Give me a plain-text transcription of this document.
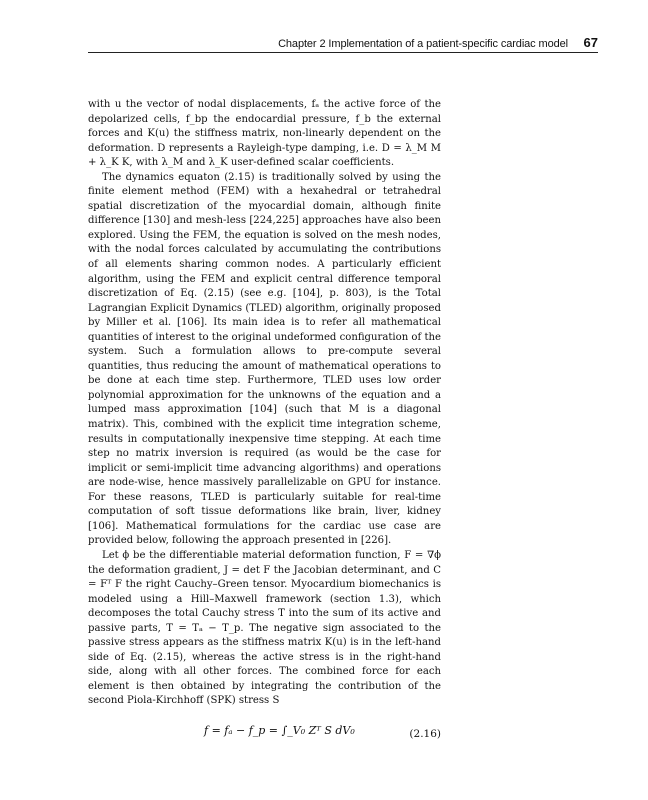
Chapter 2 Implementation of a patient-specific cardiac model 67

with u the vector of nodal displacements, fₐ the active force of the depolarized cells, f_bp the endocardial pressure, f_b the external forces and K(u) the stiffness matrix, non-linearly dependent on the deformation. D represents a Rayleigh-type damping, i.e. D = λ_M M + λ_K K, with λ_M and λ_K user-defined scalar coefficients.

The dynamics equaton (2.15) is traditionally solved by using the finite element method (FEM) with a hexahedral or tetrahedral spatial discretization of the myocardial domain, although finite difference [130] and mesh-less [224,225] approaches have also been explored. Using the FEM, the equation is solved on the mesh nodes, with the nodal forces calculated by accumulating the contributions of all elements sharing common nodes. A particularly efficient algorithm, using the FEM and explicit central difference temporal discretization of Eq. (2.15) (see e.g. [104], p. 803), is the Total Lagrangian Explicit Dynamics (TLED) algorithm, originally proposed by Miller et al. [106]. Its main idea is to refer all mathematical quantities of interest to the original undeformed configuration of the system. Such a formulation allows to pre-compute several quantities, thus reducing the amount of mathematical operations to be done at each time step. Furthermore, TLED uses low order polynomial approximation for the unknowns of the equation and a lumped mass approximation [104] (such that M is a diagonal matrix). This, combined with the explicit time integration scheme, results in computationally inexpensive time stepping. At each time step no matrix inversion is required (as would be the case for implicit or semi-implicit time advancing algorithms) and operations are node-wise, hence massively parallelizable on GPU for instance. For these reasons, TLED is particularly suitable for real-time computation of soft tissue deformations like brain, liver, kidney [106]. Mathematical formulations for the cardiac use case are provided below, following the approach presented in [226].

Let ϕ be the differentiable material deformation function, F = ∇ϕ the deformation gradient, J = det F the Jacobian determinant, and C = Fᵀ F the right Cauchy–Green tensor. Myocardium biomechanics is modeled using a Hill–Maxwell framework (section 1.3), which decomposes the total Cauchy stress T into the sum of its active and passive parts, T = Tₐ − T_p. The negative sign associated to the passive stress appears as the stiffness matrix K(u) is in the left-hand side of Eq. (2.15), whereas the active stress is in the right-hand side, along with all other forces. The combined force for each element is then obtained by integrating the contribution of the second Piola-Kirchhoff (SPK) stress S

f = fₐ − f_p = ∫_V₀ Zᵀ S dV₀	(2.16)
